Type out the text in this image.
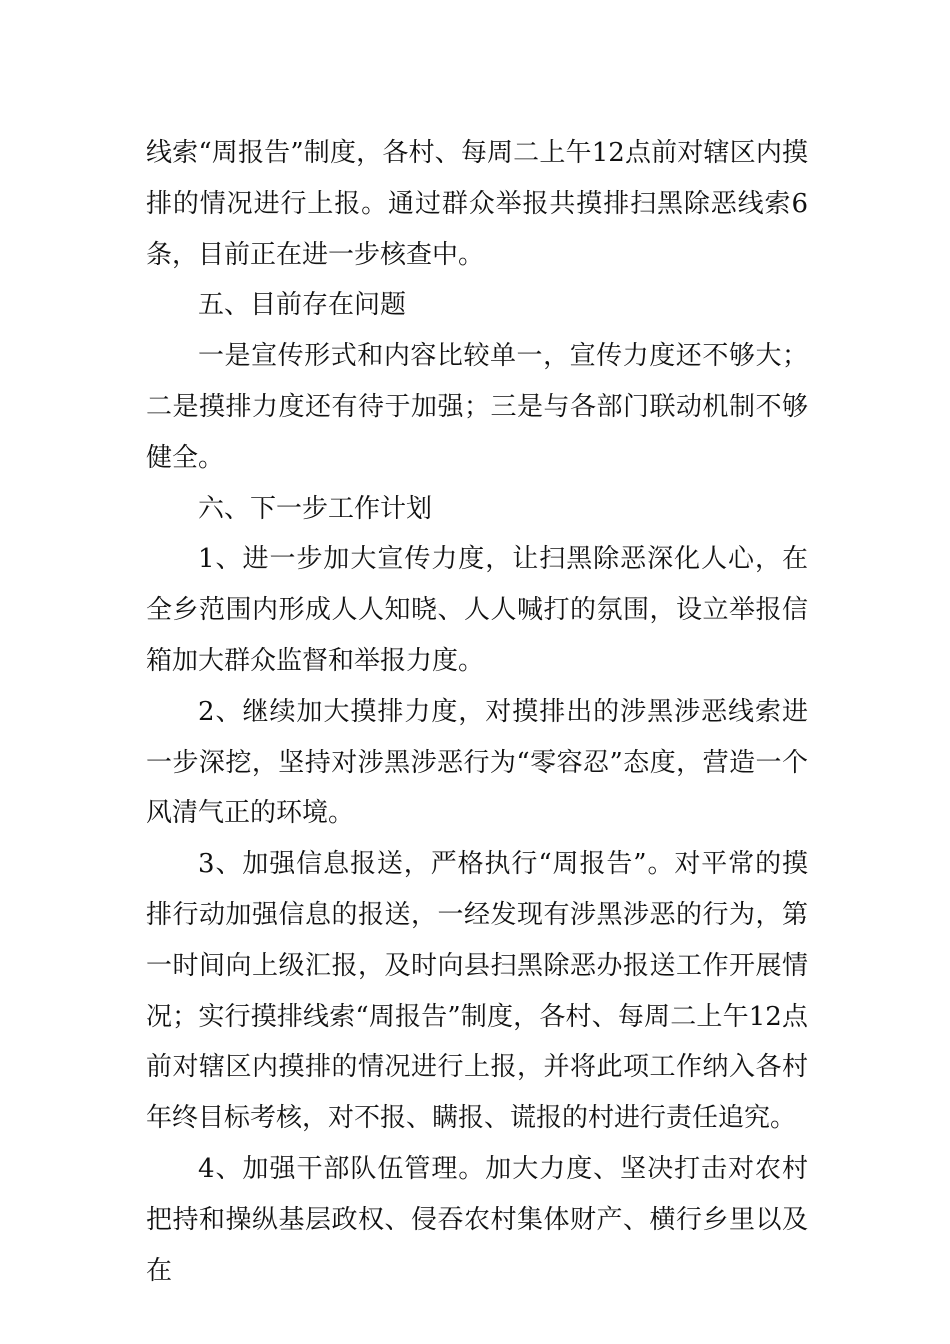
线索“周报告”制度，各村、每周二上午12点前对辖区内摸排的情况进行上报。通过群众举报共摸排扫黑除恶线索6条，目前正在进一步核查中。

五、目前存在问题

一是宣传形式和内容比较单一，宣传力度还不够大；二是摸排力度还有待于加强；三是与各部门联动机制不够健全。

六、下一步工作计划

1、进一步加大宣传力度，让扫黑除恶深化人心，在全乡范围内形成人人知晓、人人喊打的氛围，设立举报信箱加大群众监督和举报力度。

2、继续加大摸排力度，对摸排出的涉黑涉恶线索进一步深挖，坚持对涉黑涉恶行为“零容忍”态度，营造一个风清气正的环境。

3、加强信息报送，严格执行“周报告”。对平常的摸排行动加强信息的报送，一经发现有涉黑涉恶的行为，第一时间向上级汇报，及时向县扫黑除恶办报送工作开展情况；实行摸排线索“周报告”制度，各村、每周二上午12点前对辖区内摸排的情况进行上报，并将此项工作纳入各村年终目标考核，对不报、瞒报、谎报的村进行责任追究。

4、加强干部队伍管理。加大力度、坚决打击对农村把持和操纵基层政权、侵吞农村集体财产、横行乡里以及在
